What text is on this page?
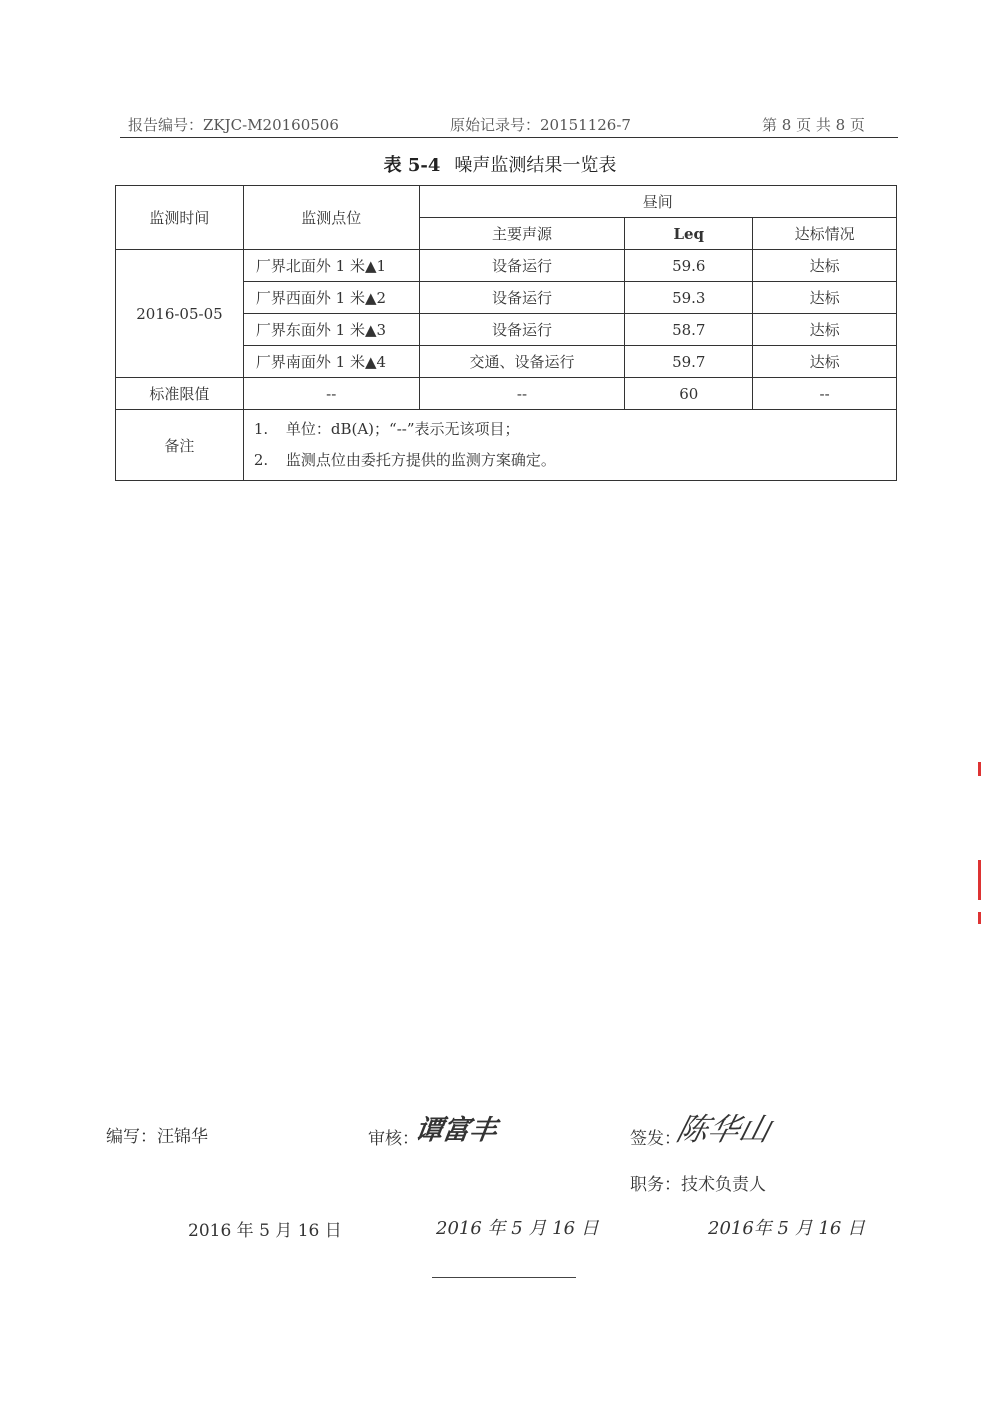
报告编号：ZKJC-M20160506	原始记录号：20151126-7	第 8 页 共 8 页
表 5-4 噪声监测结果一览表
监测时间	监测点位	昼间		
		主要声源	Leq	达标情况
2016-05-05	厂界北面外 1 米▲1	设备运行	59.6	达标
	厂界西面外 1 米▲2	设备运行	59.3	达标
	厂界东面外 1 米▲3	设备运行	58.7	达标
	厂界南面外 1 米▲4	交通、设备运行	59.7	达标
标准限值	--	--	60	--
备注	1. 单位：dB(A)；“--”表示无该项目；
2. 监测点位由委托方提供的监测方案确定。			
编写：汪锦华	审核：
谭富丰	签发：
陈华山
职务：技术负责人
2016 年 5 月 16 日	2016 年 5 月 16 日	2016年 5 月 16 日
